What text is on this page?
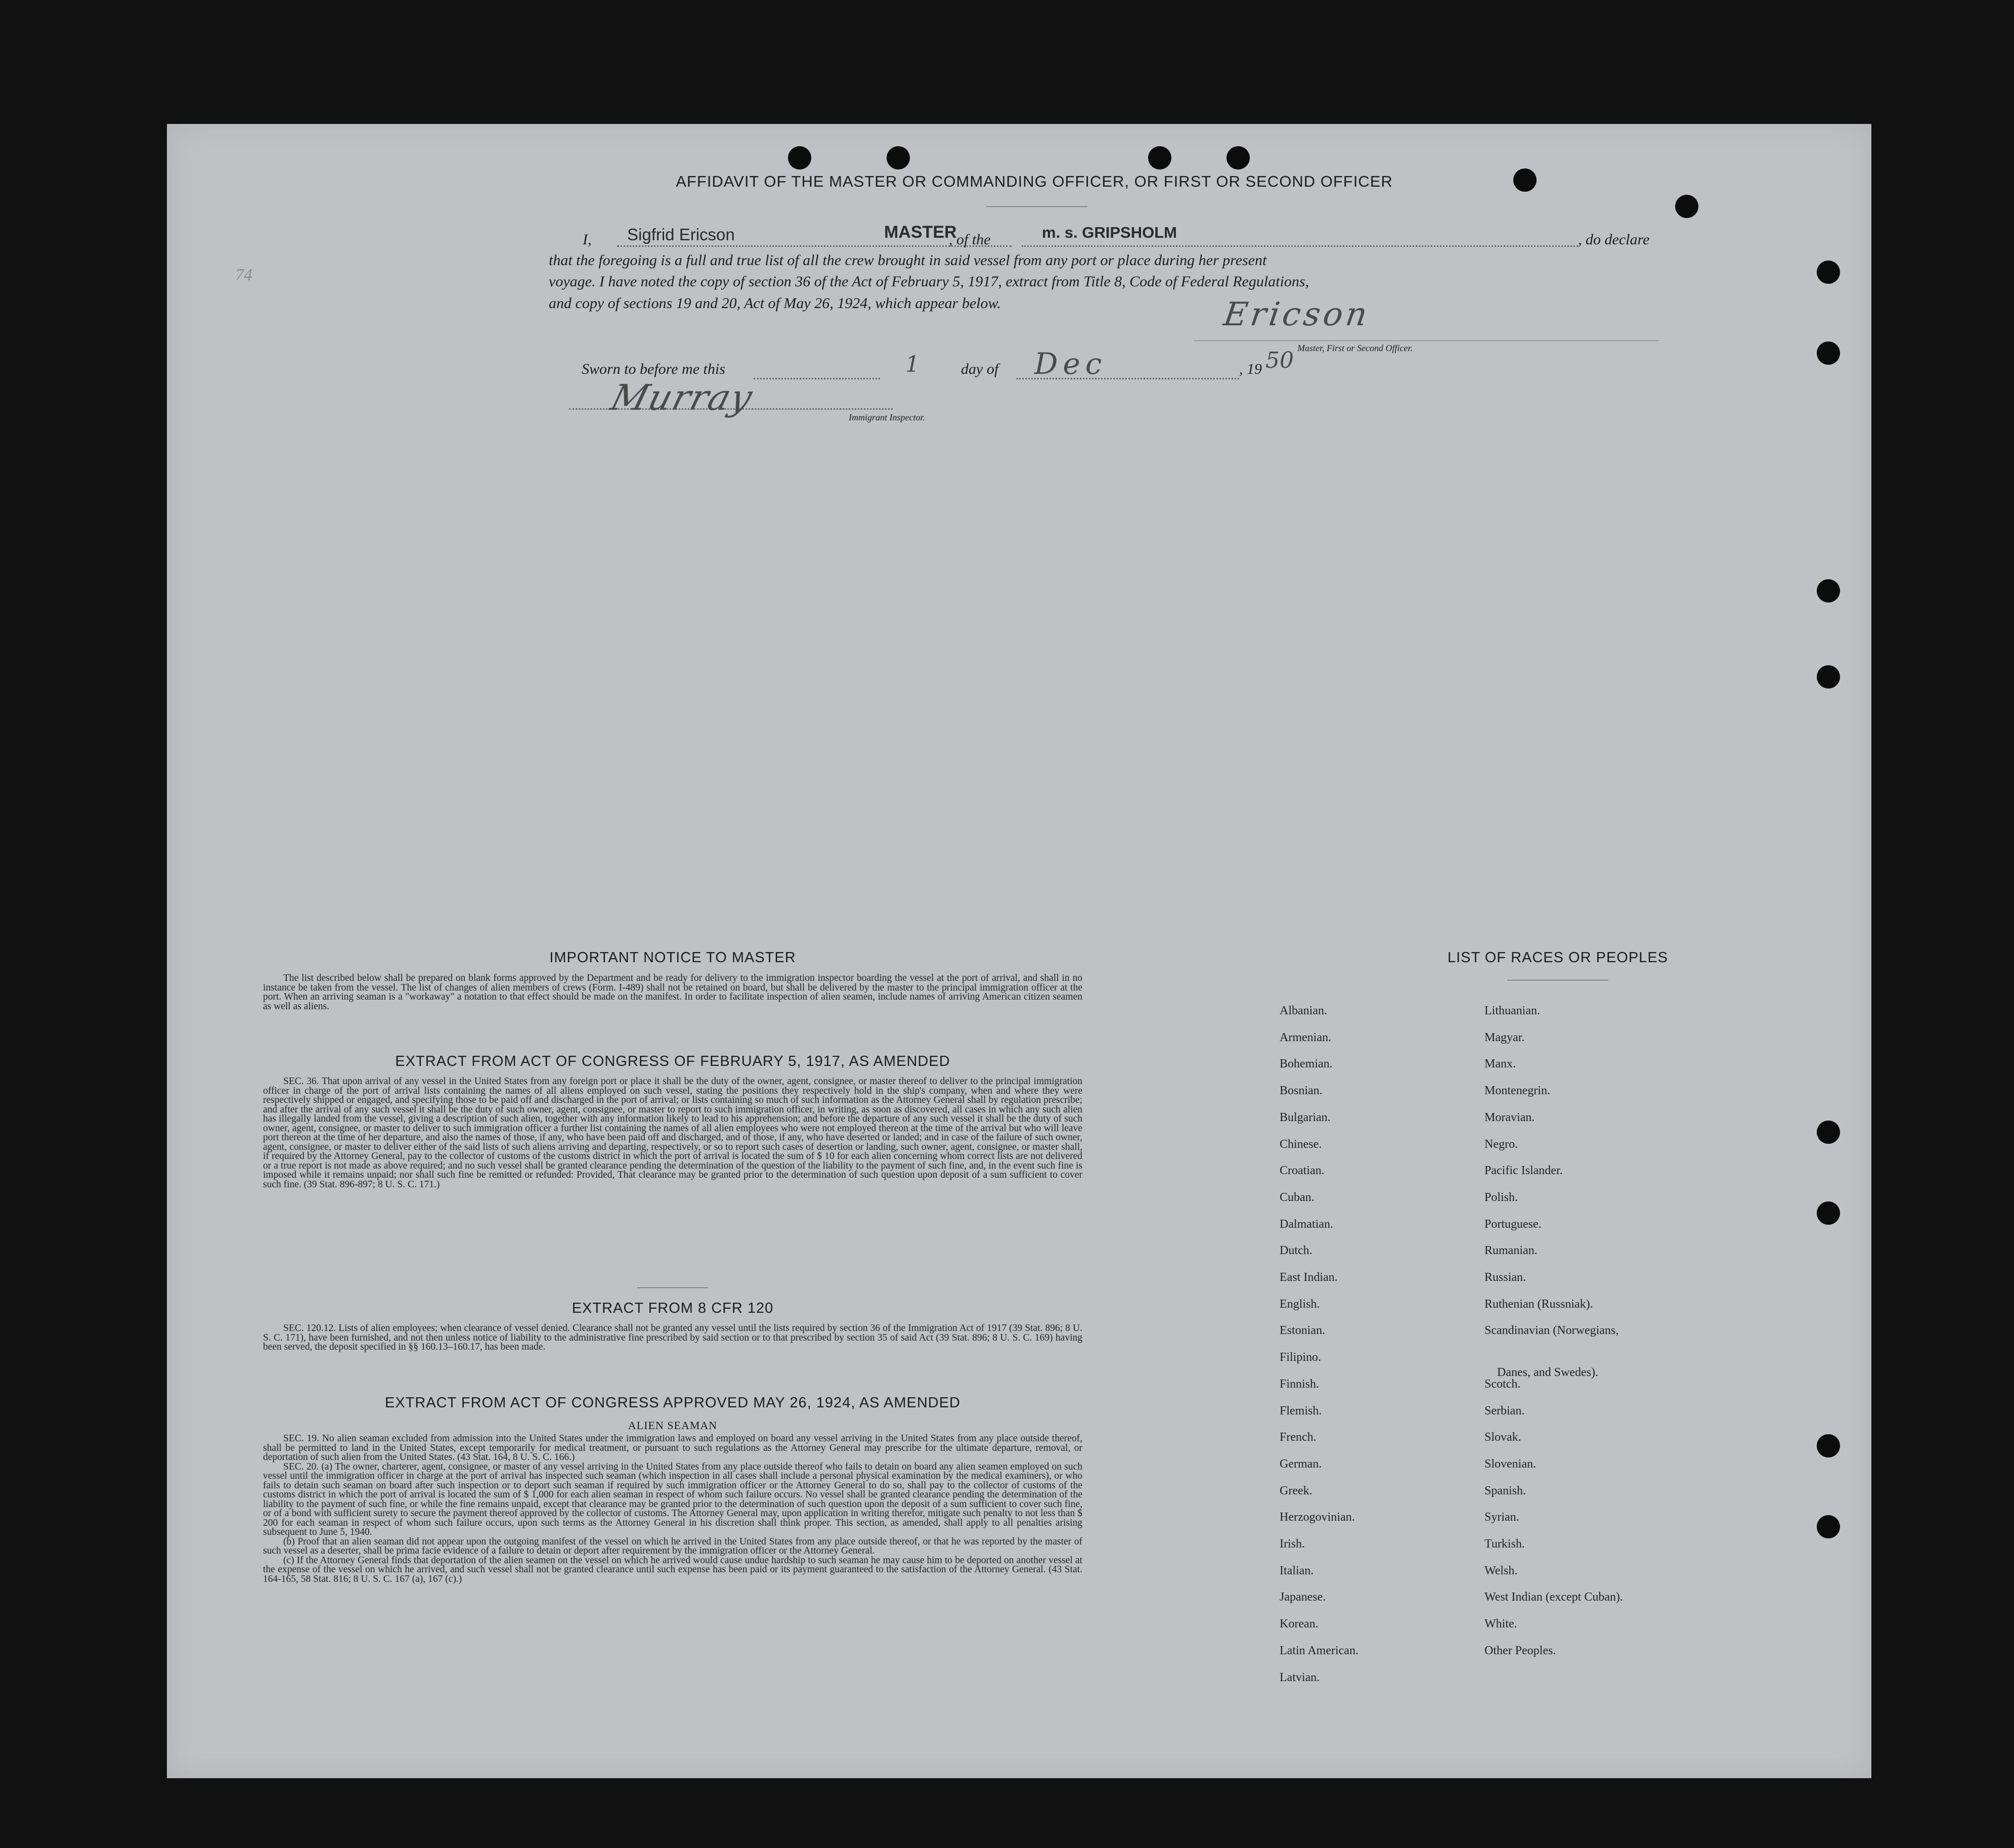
74
AFFIDAVIT OF THE MASTER OR COMMANDING OFFICER, OR FIRST OR SECOND OFFICER
I, Sigfrid Ericson	MASTER
, of the	m. s. GRIPSHOLM	, do declare
that the foregoing is a full and true list of all the crew brought in said vessel from any port or place during her present
voyage. I have noted the copy of section 36 of the Act of February 5, 1917, extract from Title 8, Code of Federal Regulations,
and copy of sections 19 and 20, Act of May 26, 1924, which appear below.	Ericson
Master, First or Second Officer.
Sworn to before me this	1	day of Dec	, 19 50
Murray	Immigrant Inspector.
IMPORTANT NOTICE TO MASTER
The list described below shall be prepared on blank forms approved by the Department and be ready for delivery to the immigration inspector boarding the vessel at the port of arrival, and shall in no instance be taken from the vessel. The list of changes of alien members of crews (Form. I-489) shall not be retained on board, but shall be delivered by the master to the principal immigration officer at the port. When an arriving seaman is a "workaway" a notation to that effect should be made on the manifest. In order to facilitate inspection of alien seamen, include names of arriving American citizen seamen as well as aliens.
EXTRACT FROM ACT OF CONGRESS OF FEBRUARY 5, 1917, AS AMENDED
SEC. 36. That upon arrival of any vessel in the United States from any foreign port or place it shall be the duty of the owner, agent, consignee, or master thereof to deliver to the principal immigration officer in charge of the port of arrival lists containing the names of all aliens employed on such vessel, stating the positions they respectively hold in the ship's company, when and where they were respectively shipped or engaged, and specifying those to be paid off and discharged in the port of arrival; or lists containing so much of such information as the Attorney General shall by regulation prescribe; and after the arrival of any such vessel it shall be the duty of such owner, agent, consignee, or master to report to such immigration officer, in writing, as soon as discovered, all cases in which any such alien has illegally landed from the vessel, giving a description of such alien, together with any information likely to lead to his apprehension; and before the departure of any such vessel it shall be the duty of such owner, agent, consignee, or master to deliver to such immigration officer a further list containing the names of all alien employees who were not employed thereon at the time of the arrival but who will leave port thereon at the time of her departure, and also the names of those, if any, who have been paid off and discharged, and of those, if any, who have deserted or landed; and in case of the failure of such owner, agent, consignee, or master to deliver either of the said lists of such aliens arriving and departing, respectively, or so to report such cases of desertion or landing, such owner, agent, consignee, or master shall, if required by the Attorney General, pay to the collector of customs of the customs district in which the port of arrival is located the sum of $ 10 for each alien concerning whom correct lists are not delivered or a true report is not made as above required; and no such vessel shall be granted clearance pending the determination of the question of the liability to the payment of such fine, and, in the event such fine is imposed while it remains unpaid; nor shall such fine be remitted or refunded: Provided, That clearance may be granted prior to the determination of such question upon deposit of a sum sufficient to cover such fine. (39 Stat. 896-897; 8 U. S. C. 171.)
EXTRACT FROM 8 CFR 120
SEC. 120.12. Lists of alien employees; when clearance of vessel denied. Clearance shall not be granted any vessel until the lists required by section 36 of the Immigration Act of 1917 (39 Stat. 896; 8 U. S. C. 171), have been furnished, and not then unless notice of liability to the administrative fine prescribed by said section or to that prescribed by section 35 of said Act (39 Stat. 896; 8 U. S. C. 169) having been served, the deposit specified in §§ 160.13–160.17, has been made.
EXTRACT FROM ACT OF CONGRESS APPROVED MAY 26, 1924, AS AMENDED
ALIEN SEAMAN
SEC. 19. No alien seaman excluded from admission into the United States under the immigration laws and employed on board any vessel arriving in the United States from any place outside thereof, shall be permitted to land in the United States, except temporarily for medical treatment, or pursuant to such regulations as the Attorney General may prescribe for the ultimate departure, removal, or deportation of such alien from the United States. (43 Stat. 164, 8 U. S. C. 166.)
SEC. 20. (a) The owner, charterer, agent, consignee, or master of any vessel arriving in the United States from any place outside thereof who fails to detain on board any alien seamen employed on such vessel until the immigration officer in charge at the port of arrival has inspected such seaman (which inspection in all cases shall include a personal physical examination by the medical examiners), or who fails to detain such seaman on board after such inspection or to deport such seaman if required by such immigration officer or the Attorney General to do so, shall pay to the collector of customs of the customs district in which the port of arrival is located the sum of $ 1,000 for each alien seaman in respect of whom such failure occurs. No vessel shall be granted clearance pending the determination of the liability to the payment of such fine, or while the fine remains unpaid, except that clearance may be granted prior to the determination of such question upon the deposit of a sum sufficient to cover such fine, or of a bond with sufficient surety to secure the payment thereof approved by the collector of customs. The Attorney General may, upon application in writing therefor, mitigate such penalty to not less than $ 200 for each seaman in respect of whom such failure occurs, upon such terms as the Attorney General in his discretion shall think proper. This section, as amended, shall apply to all penalties arising subsequent to June 5, 1940.
(b) Proof that an alien seaman did not appear upon the outgoing manifest of the vessel on which he arrived in the United States from any place outside thereof, or that he was reported by the master of such vessel as a deserter, shall be prima facie evidence of a failure to detain or deport after requirement by the immigration officer or the Attorney General.
(c) If the Attorney General finds that deportation of the alien seamen on the vessel on which he arrived would cause undue hardship to such seaman he may cause him to be deported on another vessel at the expense of the vessel on which he arrived, and such vessel shall not be granted clearance until such expense has been paid or its payment guaranteed to the satisfaction of the Attorney General. (43 Stat. 164-165, 58 Stat. 816; 8 U. S. C. 167 (a), 167 (c).)
LIST OF RACES OR PEOPLES
Albanian.
Armenian.
Bohemian.
Bosnian.
Bulgarian.
Chinese.
Croatian.
Cuban.
Dalmatian.
Dutch.
East Indian.
English.
Estonian.
Filipino.
Finnish.
Flemish.
French.
German.
Greek.
Herzogovinian.
Irish.
Italian.
Japanese.
Korean.
Latin American.
Latvian.
Lithuanian.
Magyar.
Manx.
Montenegrin.
Moravian.
Negro.
Pacific Islander.
Polish.
Portuguese.
Rumanian.
Russian.
Ruthenian (Russniak).
Scandinavian (Norwegians,
Danes, and Swedes).
Scotch.
Serbian.
Slovak.
Slovenian.
Spanish.
Syrian.
Turkish.
Welsh.
West Indian (except Cuban).
White.
Other Peoples.
